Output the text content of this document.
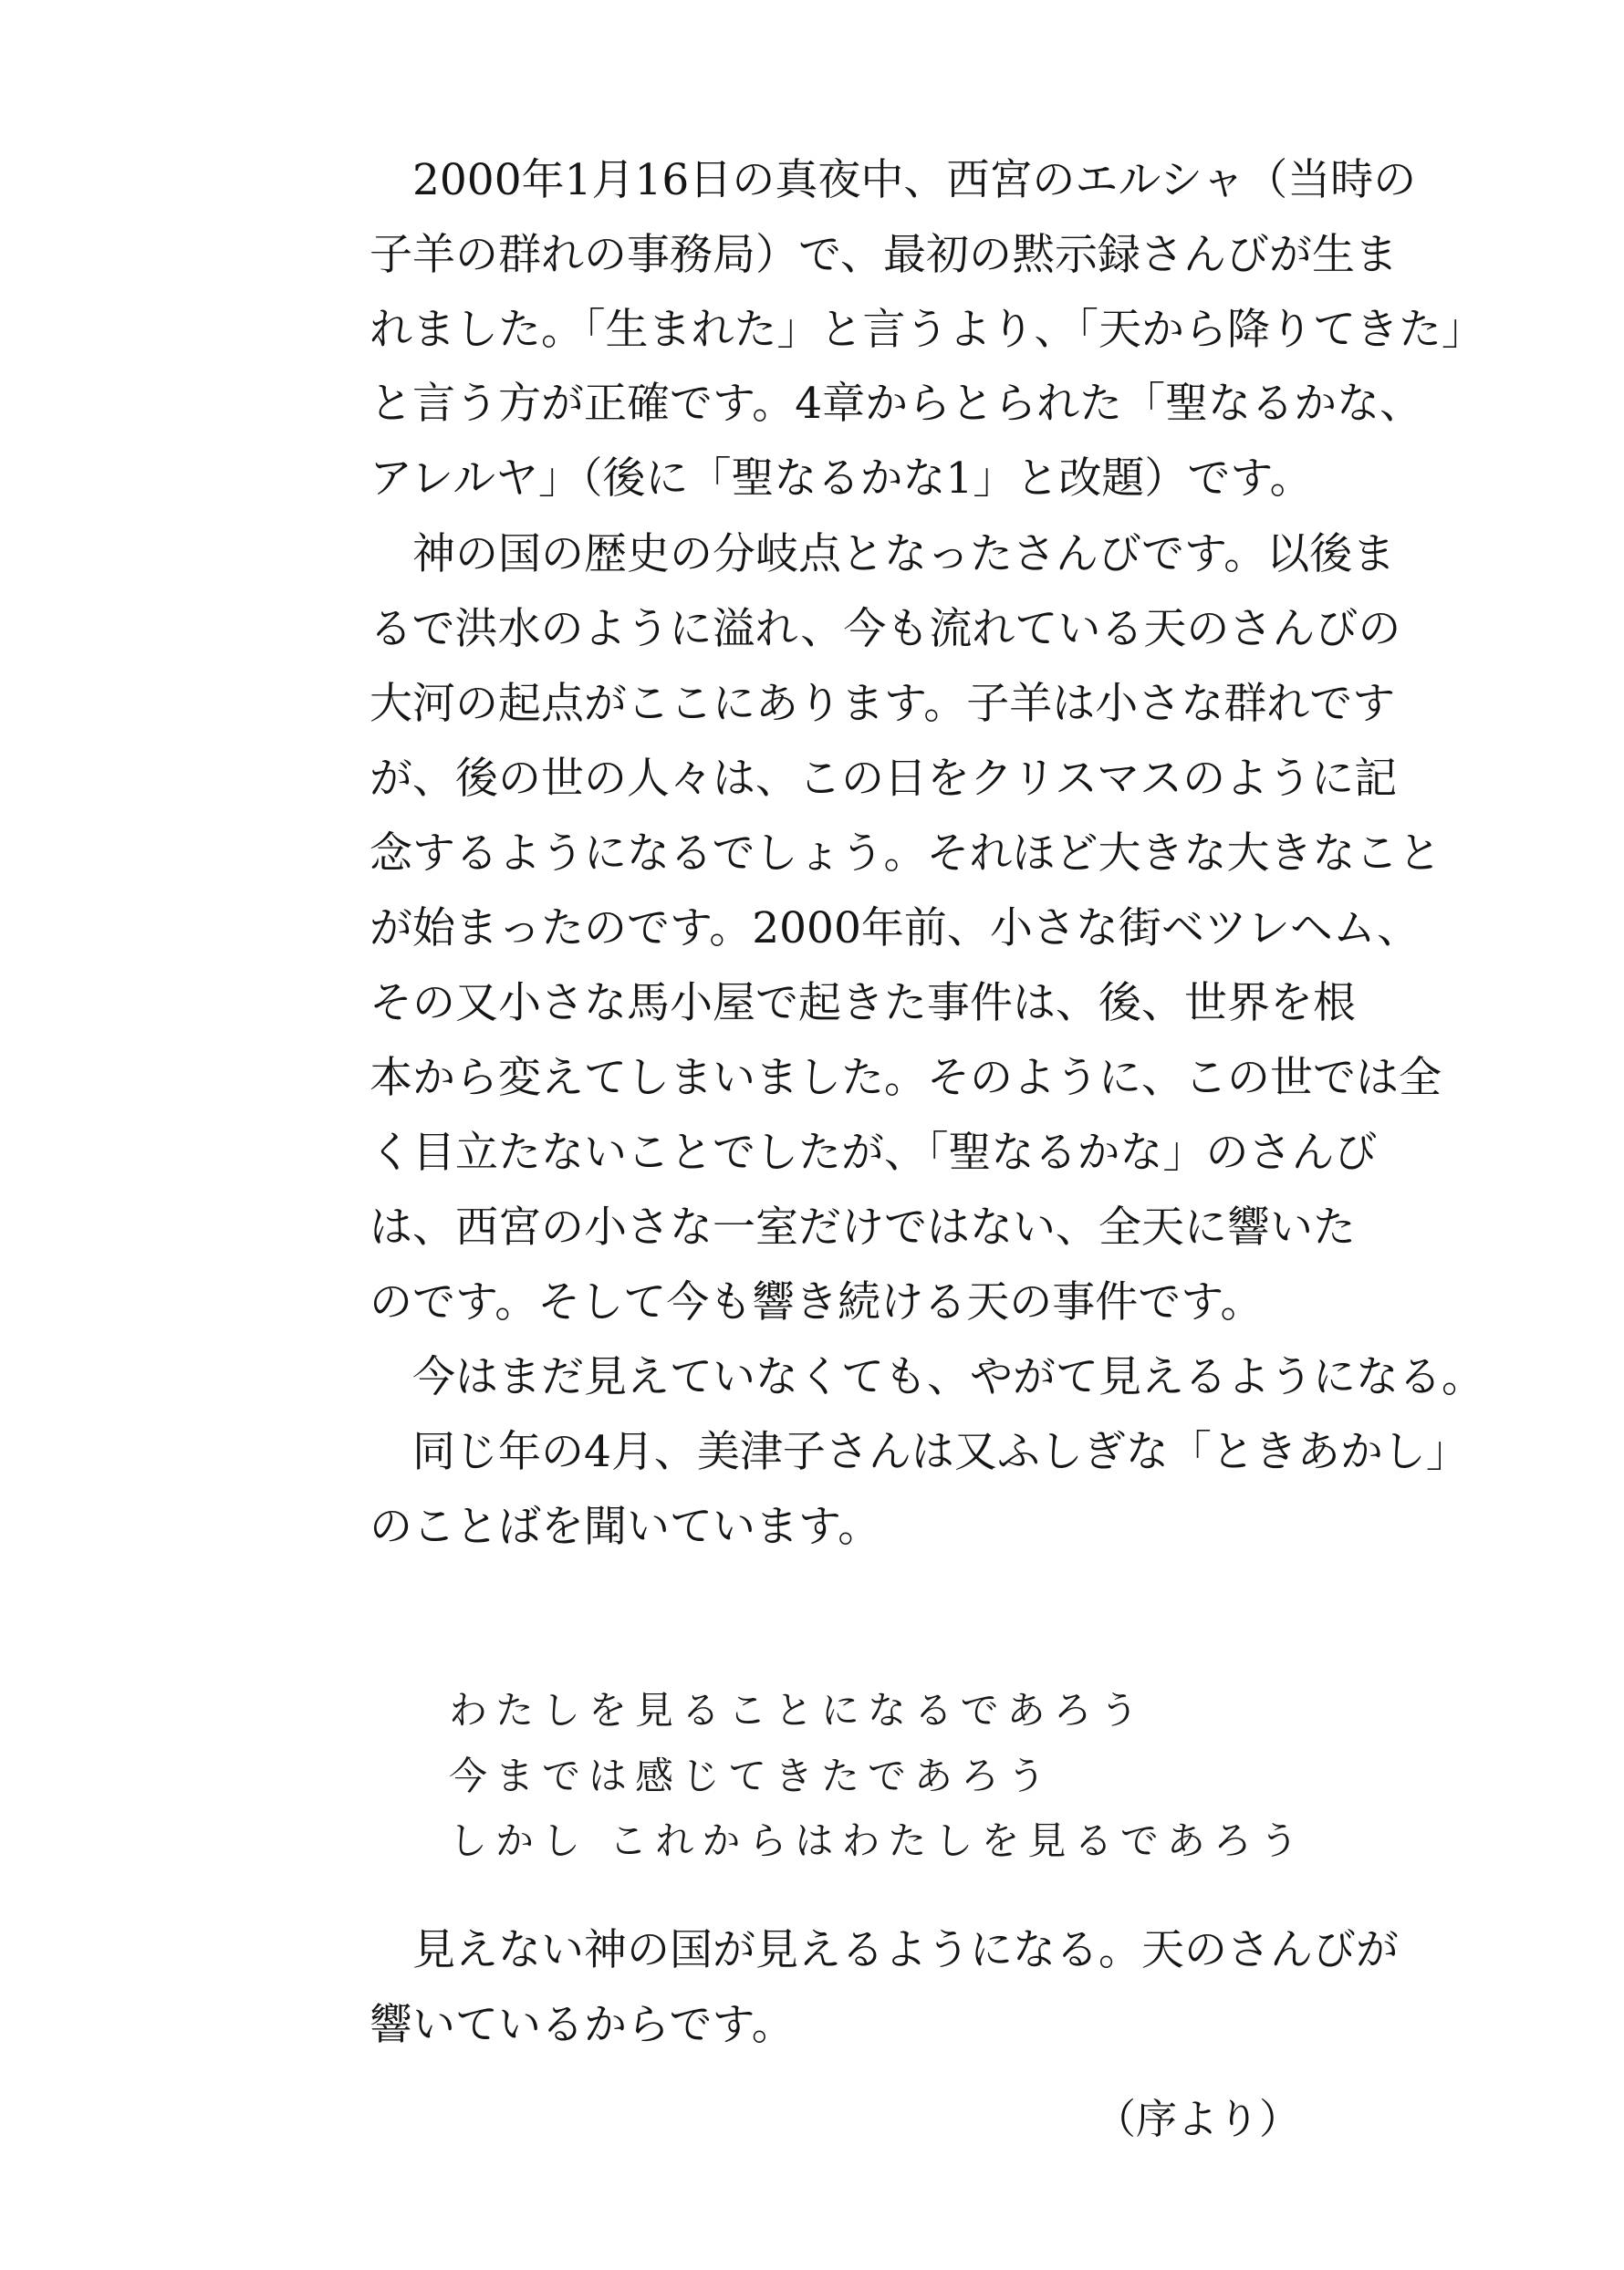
　2000年1月16日の真夜中、西宮のエルシャ（当時の
子羊の群れの事務局）で、最初の黙示録さんびが生ま
れました。「生まれた」と言うより、「天から降りてきた」
と言う方が正確です。4章からとられた「聖なるかな、
アレルヤ」（後に「聖なるかな1」と改題）です。
　神の国の歴史の分岐点となったさんびです。以後ま
るで洪水のように溢れ、今も流れている天のさんびの
大河の起点がここにあります。子羊は小さな群れです
が、後の世の人々は、この日をクリスマスのように記
念するようになるでしょう。それほど大きな大きなこと
が始まったのです。2000年前、小さな街ベツレヘム、
その又小さな馬小屋で起きた事件は、後、世界を根
本から変えてしまいました。そのように、この世では全
く目立たないことでしたが、「聖なるかな」のさんび
は、西宮の小さな一室だけではない、全天に響いた
のです。そして今も響き続ける天の事件です。
　今はまだ見えていなくても、やがて見えるようになる。
　同じ年の4月、美津子さんは又ふしぎな「ときあかし」
のことばを聞いています。
わたしを見ることになるであろう
今までは感じてきたであろう
しかし これからはわたしを見るであろう
　見えない神の国が見えるようになる。天のさんびが
響いているからです。
（序より）
